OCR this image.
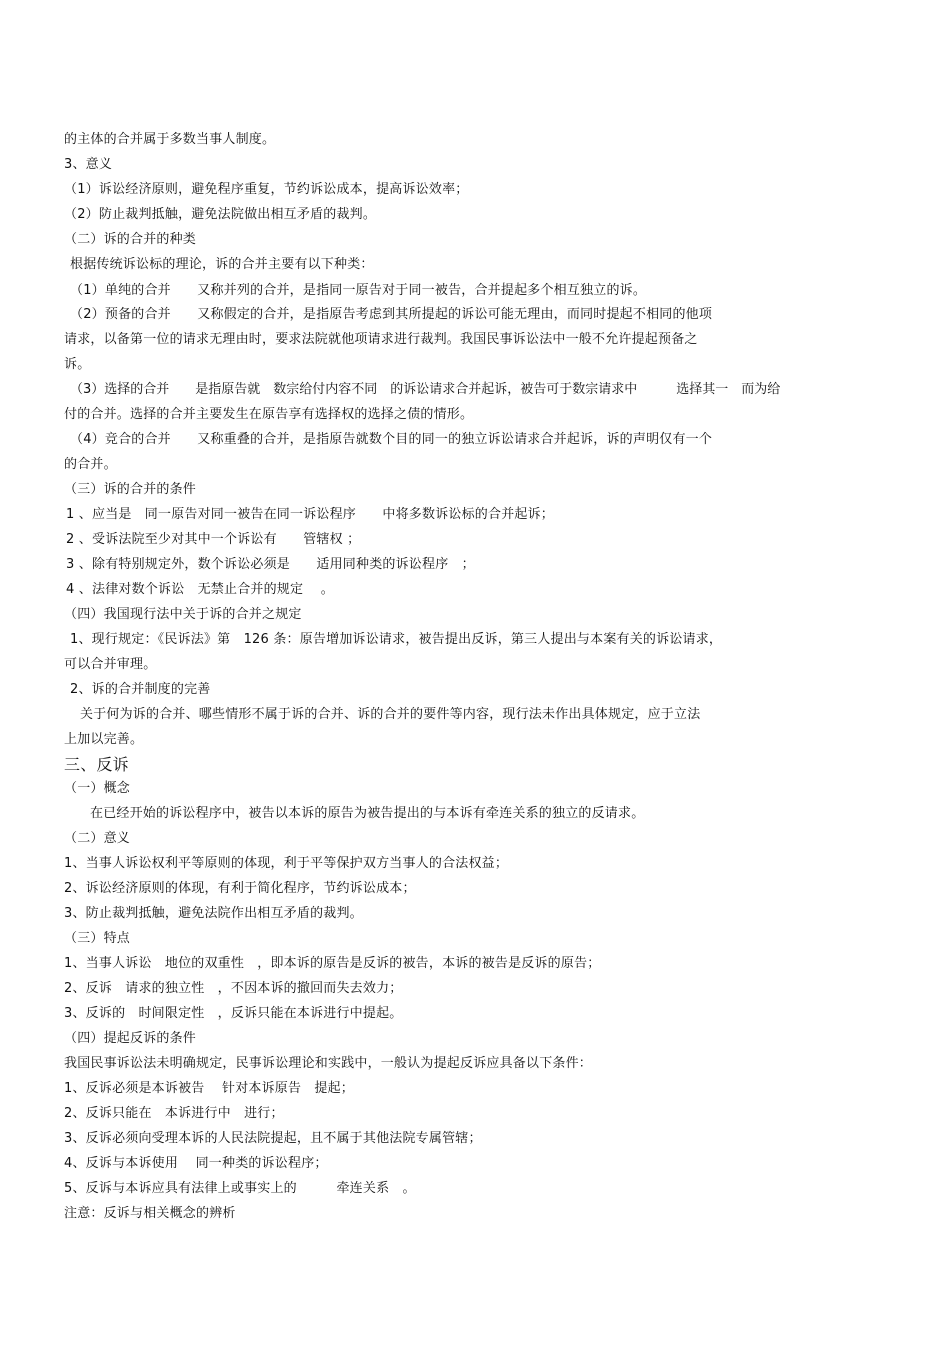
的主体的合并属于多数当事人制度。
3、意义
（1）诉讼经济原则，避免程序重复，节约诉讼成本，提高诉讼效率；
（2）防止裁判抵触，避免法院做出相互矛盾的裁判。
（二）诉的合并的种类
根据传统诉讼标的理论，诉的合并主要有以下种类：
（1）单纯的合并　　又称并列的合并，是指同一原告对于同一被告，合并提起多个相互独立的诉。
（2）预备的合并　　又称假定的合并，是指原告考虑到其所提起的诉讼可能无理由，而同时提起不相同的他项
请求，以备第一位的请求无理由时，要求法院就他项请求进行裁判。我国民事诉讼法中一般不允许提起预备之
诉。
（3）选择的合并　　是指原告就　数宗给付内容不同　的诉讼请求合并起诉，被告可于数宗请求中　　　选择其一　而为给
付的合并。选择的合并主要发生在原告享有选择权的选择之债的情形。
（4）竞合的合并　　又称重叠的合并，是指原告就数个目的同一的独立诉讼请求合并起诉，诉的声明仅有一个
的合并。
（三）诉的合并的条件
1 、应当是　同一原告对同一被告在同一诉讼程序　　中将多数诉讼标的合并起诉；
2 、受诉法院至少对其中一个诉讼有　　管辖权 ；
3 、除有特别规定外，数个诉讼必须是　　适用同种类的诉讼程序　；
4 、法律对数个诉讼　无禁止合并的规定　 。
（四）我国现行法中关于诉的合并之规定
1、现行规定：《民诉法》第　126 条：原告增加诉讼请求，被告提出反诉，第三人提出与本案有关的诉讼请求，
可以合并审理。
2、诉的合并制度的完善
关于何为诉的合并、哪些情形不属于诉的合并、诉的合并的要件等内容，现行法未作出具体规定，应于立法
上加以完善。
三、反诉
（一）概念
在已经开始的诉讼程序中，被告以本诉的原告为被告提出的与本诉有牵连关系的独立的反请求。
（二）意义
1、当事人诉讼权利平等原则的体现，利于平等保护双方当事人的合法权益；
2、诉讼经济原则的体现，有利于简化程序，节约诉讼成本；
3、防止裁判抵触，避免法院作出相互矛盾的裁判。
（三）特点
1、当事人诉讼　地位的双重性　，即本诉的原告是反诉的被告，本诉的被告是反诉的原告；
2、反诉　请求的独立性　，不因本诉的撤回而失去效力；
3、反诉的　时间限定性　，反诉只能在本诉进行中提起。
（四）提起反诉的条件
我国民事诉讼法未明确规定，民事诉讼理论和实践中，一般认为提起反诉应具备以下条件：
1、反诉必须是本诉被告　 针对本诉原告　提起；
2、反诉只能在　本诉进行中　进行；
3、反诉必须向受理本诉的人民法院提起，且不属于其他法院专属管辖；
4、反诉与本诉使用　 同一种类的诉讼程序；
5、反诉与本诉应具有法律上或事实上的　　　牵连关系　。
注意：反诉与相关概念的辨析
